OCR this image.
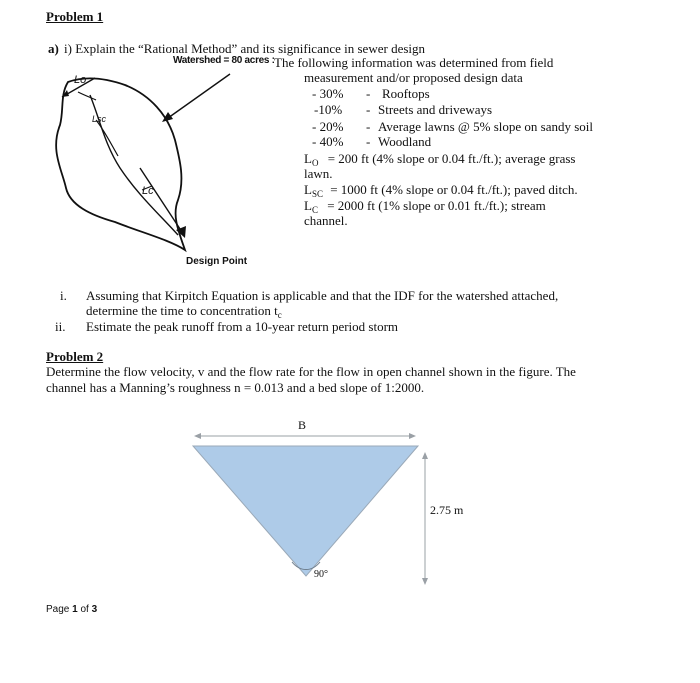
Problem 1
a) i) Explain the “Rational Method” and its significance in sewer design
Lo
Lsc
Lc
Design Point
Watershed = 80 acres : The following information was determined from field
measurement and/or proposed design data
- 30% - Rooftops
-10% - Streets and driveways
- 20% - Average lawns @ 5% slope on sandy soil
- 40% - Woodland
$L_O = 200$ ft (4% slope or 0.04 ft./ft.); average grass
lawn.
$L_{SC} = 1000$ ft (4% slope or 0.04 ft./ft.); paved ditch.
$L_C = 2000$ ft (1% slope or 0.01 ft./ft.); stream
channel.
i. Assuming that Kirpitch Equation is applicable and that the IDF for the watershed attached,
determine the time to concentration $t_c$
ii. Estimate the peak runoff from a 10-year return period storm
Problem 2
Determine the flow velocity, v and the flow rate for the flow in open channel shown in the figure. The
channel has a Manning’s roughness n = 0.013 and a bed slope of 1:2000.
B
2.75 m
90°
Page 1 of 3
